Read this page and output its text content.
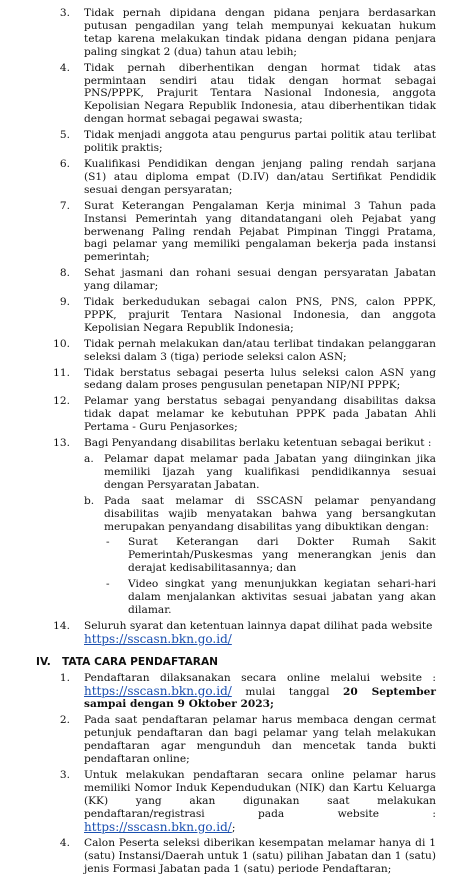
3. Tidak pernah dipidana dengan pidana penjara berdasarkan putusan pengadilan yang telah mempunyai kekuatan hukum tetap karena melakukan tindak pidana dengan pidana penjara paling singkat 2 (dua) tahun atau lebih;
4. Tidak pernah diberhentikan dengan hormat tidak atas permintaan sendiri atau tidak dengan hormat sebagai PNS/PPPK, Prajurit Tentara Nasional Indonesia, anggota Kepolisian Negara Republik Indonesia, atau diberhentikan tidak dengan hormat sebagai pegawai swasta;
5. Tidak menjadi anggota atau pengurus partai politik atau terlibat politik praktis;
6. Kualifikasi Pendidikan dengan jenjang paling rendah sarjana (S1) atau diploma empat (D.IV) dan/atau Sertifikat Pendidik sesuai dengan persyaratan;
7. Surat Keterangan Pengalaman Kerja minimal 3 Tahun pada Instansi Pemerintah yang ditandatangani oleh Pejabat yang berwenang Paling rendah Pejabat Pimpinan Tinggi Pratama, bagi pelamar yang memiliki pengalaman bekerja pada instansi pemerintah;
8. Sehat jasmani dan rohani sesuai dengan persyaratan Jabatan yang dilamar;
9. Tidak berkedudukan sebagai calon PNS, PNS, calon PPPK, PPPK, prajurit Tentara Nasional Indonesia, dan anggota Kepolisian Negara Republik Indonesia;
10. Tidak pernah melakukan dan/atau terlibat tindakan pelanggaran seleksi dalam 3 (tiga) periode seleksi calon ASN;
11. Tidak berstatus sebagai peserta lulus seleksi calon ASN yang sedang dalam proses pengusulan penetapan NIP/NI PPPK;
12. Pelamar yang berstatus sebagai penyandang disabilitas daksa tidak dapat melamar ke kebutuhan PPPK pada Jabatan Ahli Pertama - Guru Penjasorkes;
13. Bagi Penyandang disabilitas berlaku ketentuan sebagai berikut :
a. Pelamar dapat melamar pada Jabatan yang diinginkan jika memiliki Ijazah yang kualifikasi pendidikannya sesuai dengan Persyaratan Jabatan.
b. Pada saat melamar di SSCASN pelamar penyandang disabilitas wajib menyatakan bahwa yang bersangkutan merupakan penyandang disabilitas yang dibuktikan dengan:
-	Surat Keterangan dari Dokter Rumah Sakit Pemerintah/Puskesmas yang menerangkan jenis dan derajat kedisabilitasannya; dan
-	Video singkat yang menunjukkan kegiatan sehari-hari dalam menjalankan aktivitas sesuai jabatan yang akan dilamar.
14. Seluruh syarat dan ketentuan lainnya dapat dilihat pada website
https://sscasn.bkn.go.id/
IV. TATA CARA PENDAFTARAN
1. Pendaftaran dilaksanakan secara online melalui website : https://sscasn.bkn.go.id/ mulai tanggal 20 September sampai dengan 9 Oktober 2023;
2. Pada saat pendaftaran pelamar harus membaca dengan cermat petunjuk pendaftaran dan bagi pelamar yang telah melakukan pendaftaran agar mengunduh dan mencetak tanda bukti pendaftaran online;
3. Untuk melakukan pendaftaran secara online pelamar harus memiliki Nomor Induk Kependudukan (NIK) dan Kartu Keluarga (KK) yang akan digunakan saat melakukan pendaftaran/registrasi pada website : https://sscasn.bkn.go.id/;
4. Calon Peserta seleksi diberikan kesempatan melamar hanya di 1 (satu) Instansi/Daerah untuk 1 (satu) pilihan Jabatan dan 1 (satu) jenis Formasi Jabatan pada 1 (satu) periode Pendaftaran;
